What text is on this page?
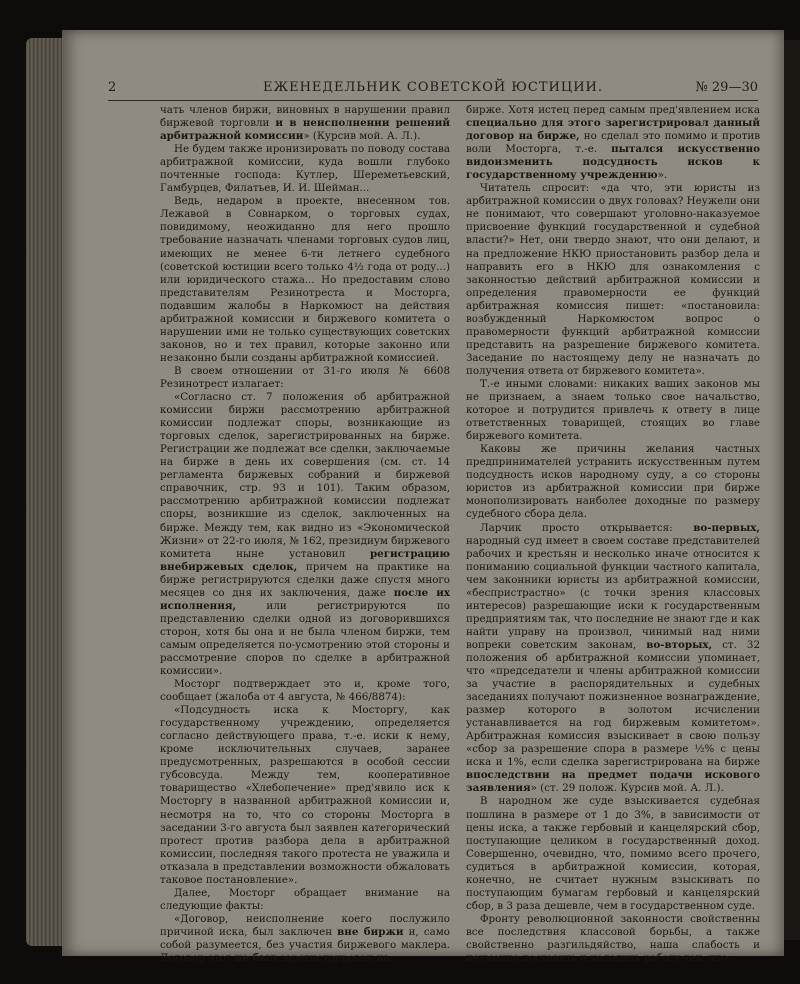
2	ЕЖЕНЕДЕЛЬНИК СОВЕТСКОЙ ЮСТИЦИИ.	№ 29—30

чать членов биржи, виновных в нарушении правил биржевой торговли и в неисполнении решений арбитражной комиссии» (Курсив мой. А. Л.).

Не будем также иронизировать по поводу состава арбитражной комиссии, куда вошли глубоко почтенные господа: Кутлер, Шереметьевский, Гамбурцев, Филатьев, И. И. Шейман...

Ведь, недаром в проекте, внесенном тов. Лежавой в Совнарком, о торговых судах, повидимому, неожиданно для него прошло требование назначать членами торговых судов лиц, имеющих не менее 6-ти летнего судебного (советской юстиции всего только 4½ года от роду...) или юридического стажа... Но предоставим слово представителям Резинотреста и Мосторга, подавшим жалобы в Наркомюст на действия арбитражной комиссии и биржевого комитета о нарушении ими не только существующих советских законов, но и тех правил, которые законно или незаконно были созданы арбитражной комиссией.

В своем отношении от 31-го июля № 6608 Резинотрест излагает:

«Согласно ст. 7 положения об арбитражной комиссии биржи рассмотрению арбитражной комиссии подлежат споры, возникающие из торговых сделок, зарегистрированных на бирже. Регистрации же подлежат все сделки, заключаемые на бирже в день их совершения (см. ст. 14 регламента биржевых собраний и биржевой справочник, стр. 93 и 101). Таким образом, рассмотрению арбитражной комиссии подлежат споры, возникшие из сделок, заключенных на бирже. Между тем, как видно из «Экономической Жизни» от 22-го июля, № 162, президиум биржевого комитета ныне установил регистрацию внебиржевых сделок, причем на практике на бирже регистрируются сделки даже спустя много месяцев со дня их заключения, даже после их исполнения, или регистрируются по представлению сделки одной из договорившихся сторон, хотя бы она и не была членом биржи, тем самым определяется по-усмотрению этой стороны и рассмотрение споров по сделке в арбитражной комиссии».

Мосторг подтверждает это и, кроме того, сообщает (жалоба от 4 августа, № 466/8874):

«Подсудность иска к Мосторгу, как государственному учреждению, определяется согласно действующего права, т.-е. иски к нему, кроме исключительных случаев, заранее предусмотренных, разрешаются в особой сессии губсовсуда. Между тем, кооперативное товарищество «Хлебопечение» пред'явило иск к Мосторгу в названной арбитражной комиссии и, несмотря на то, что со стороны Мосторга в заседании 3-го августа был заявлен категорический протест против разбора дела в арбитражной комиссии, последняя такого протеста не уважила и отказала в представлении возможности обжаловать таковое постановление».

Далее, Мосторг обращает внимание на следующие факты:

«Договор, неисполнение коего послужило причиной иска, был заключен вне биржи и, само собой разумеется, без участия биржевого маклера. Договор этот не был зарегистрирован на

бирже. Хотя истец перед самым пред'явлением иска специально для этого зарегистрировал данный договор на бирже, но сделал это помимо и против воли Мосторга, т.-е. пытался искусственно видоизменить подсудность исков к государственному учреждению».

Читатель спросит: «да что, эти юристы из арбитражной комиссии о двух головах? Неужели они не понимают, что совершают уголовно-наказуемое присвоение функций государственной и судебной власти?» Нет, они твердо знают, что они делают, и на предложение НКЮ приостановить разбор дела и направить его в НКЮ для ознакомления с законностью действий арбитражной комиссии и определения правомерности ее функций арбитражная комиссия пишет: «постановила: возбужденный Наркомюстом вопрос о правомерности функций арбитражной комиссии представить на разрешение биржевого комитета. Заседание по настоящему делу не назначать до получения ответа от биржевого комитета».

Т.-е иными словами: никаких ваших законов мы не признаем, а знаем только свое начальство, которое и потрудится привлечь к ответу в лице ответственных товарищей, стоящих во главе биржевого комитета.

Каковы же причины желания частных предпринимателей устранить искусственным путем подсудность исков народному суду, а со стороны юристов из арбитражной комиссии при бирже монополизировать наиболее доходные по размеру судебного сбора дела.

Ларчик просто открывается: во-первых, народный суд имеет в своем составе представителей рабочих и крестьян и несколько иначе относится к пониманию социальной функции частного капитала, чем законники юристы из арбитражной комиссии, «беспристрастно» (с точки зрения классовых интересов) разрешающие иски к государственным предприятиям так, что последние не знают где и как найти управу на произвол, чинимый над ними вопреки советским законам, во-вторых, ст. 32 положения об арбитражной комиссии упоминает, что «председатели и члены арбитражной комиссии за участие в распорядительных и судебных заседаниях получают пожизненное вознаграждение, размер которого в золотом исчислении устанавливается на год биржевым комитетом». Арбитражная комиссия взыскивает в свою пользу «сбор за разрешение спора в размере ½% с цены иска и 1%, если сделка зарегистрирована на бирже впоследствии на предмет подачи искового заявления» (ст. 29 полож. Курсив мой. А. Л.).

В народном же суде взыскивается судебная пошлина в размере от 1 до 3%, в зависимости от цены иска, а также гербовый и канцелярский сбор, поступающие целиком в государственный доход. Совершенно, очевидно, что, помимо всего прочего, судиться в арбитражной комиссии, которая, конечно, не считает нужным взыскивать по поступающим бумагам гербовый и канцелярский сбор, в 3 раза дешевле, чем в государственном суде.

Фронту революционной законности свойственны все последствия классовой борьбы, а также свойственно разгильдяйство, наша слабость и неумение поставить и наладить работу так, что-
